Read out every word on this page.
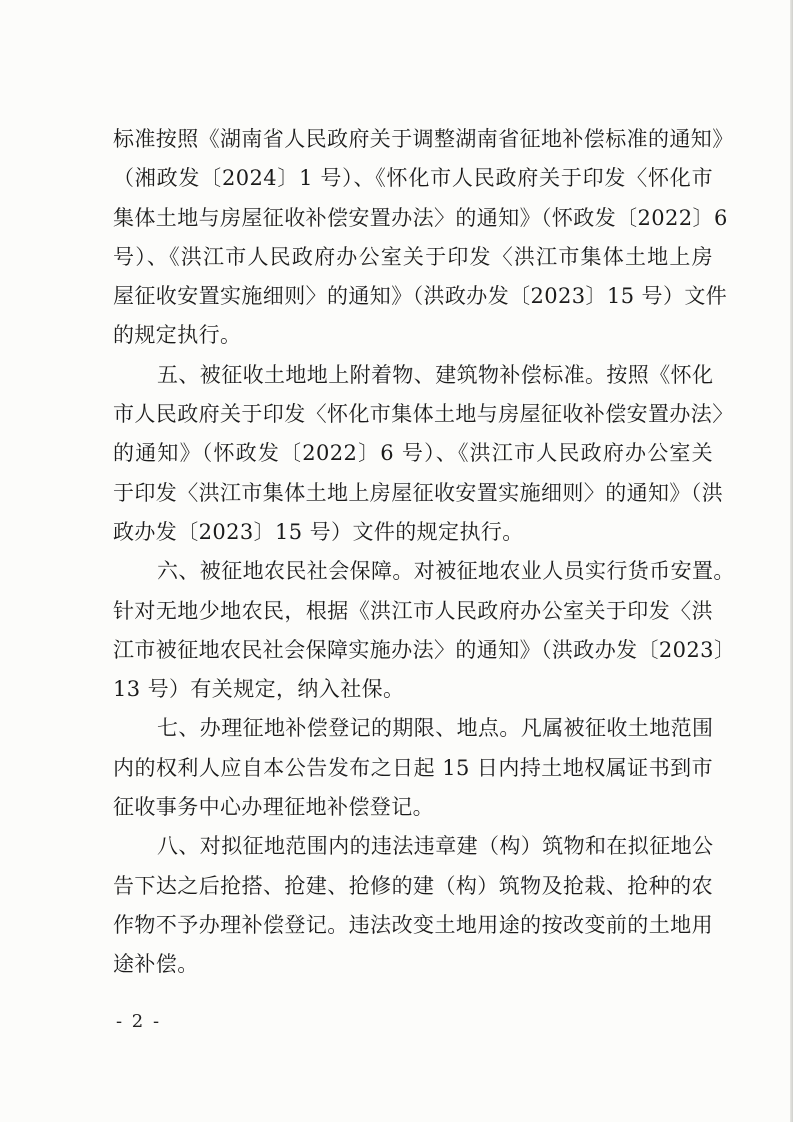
标准按照《湖南省人民政府关于调整湖南省征地补偿标准的通知》
（湘政发〔2024〕1 号）、《怀化市人民政府关于印发〈怀化市
集体土地与房屋征收补偿安置办法〉的通知》（怀政发〔2022〕6
号）、《洪江市人民政府办公室关于印发〈洪江市集体土地上房
屋征收安置实施细则〉的通知》（洪政办发〔2023〕15 号）文件
的规定执行。
五、被征收土地地上附着物、建筑物补偿标准。按照《怀化
市人民政府关于印发〈怀化市集体土地与房屋征收补偿安置办法〉
的通知》（怀政发〔2022〕6 号）、《洪江市人民政府办公室关
于印发〈洪江市集体土地上房屋征收安置实施细则〉的通知》（洪
政办发〔2023〕15 号）文件的规定执行。
六、被征地农民社会保障。对被征地农业人员实行货币安置。
针对无地少地农民，根据《洪江市人民政府办公室关于印发〈洪
江市被征地农民社会保障实施办法〉的通知》（洪政办发〔2023〕
13 号）有关规定，纳入社保。
七、办理征地补偿登记的期限、地点。凡属被征收土地范围
内的权利人应自本公告发布之日起 15 日内持土地权属证书到市
征收事务中心办理征地补偿登记。
八、对拟征地范围内的违法违章建（构）筑物和在拟征地公
告下达之后抢搭、抢建、抢修的建（构）筑物及抢栽、抢种的农
作物不予办理补偿登记。违法改变土地用途的按改变前的土地用
途补偿。
- 2 -
